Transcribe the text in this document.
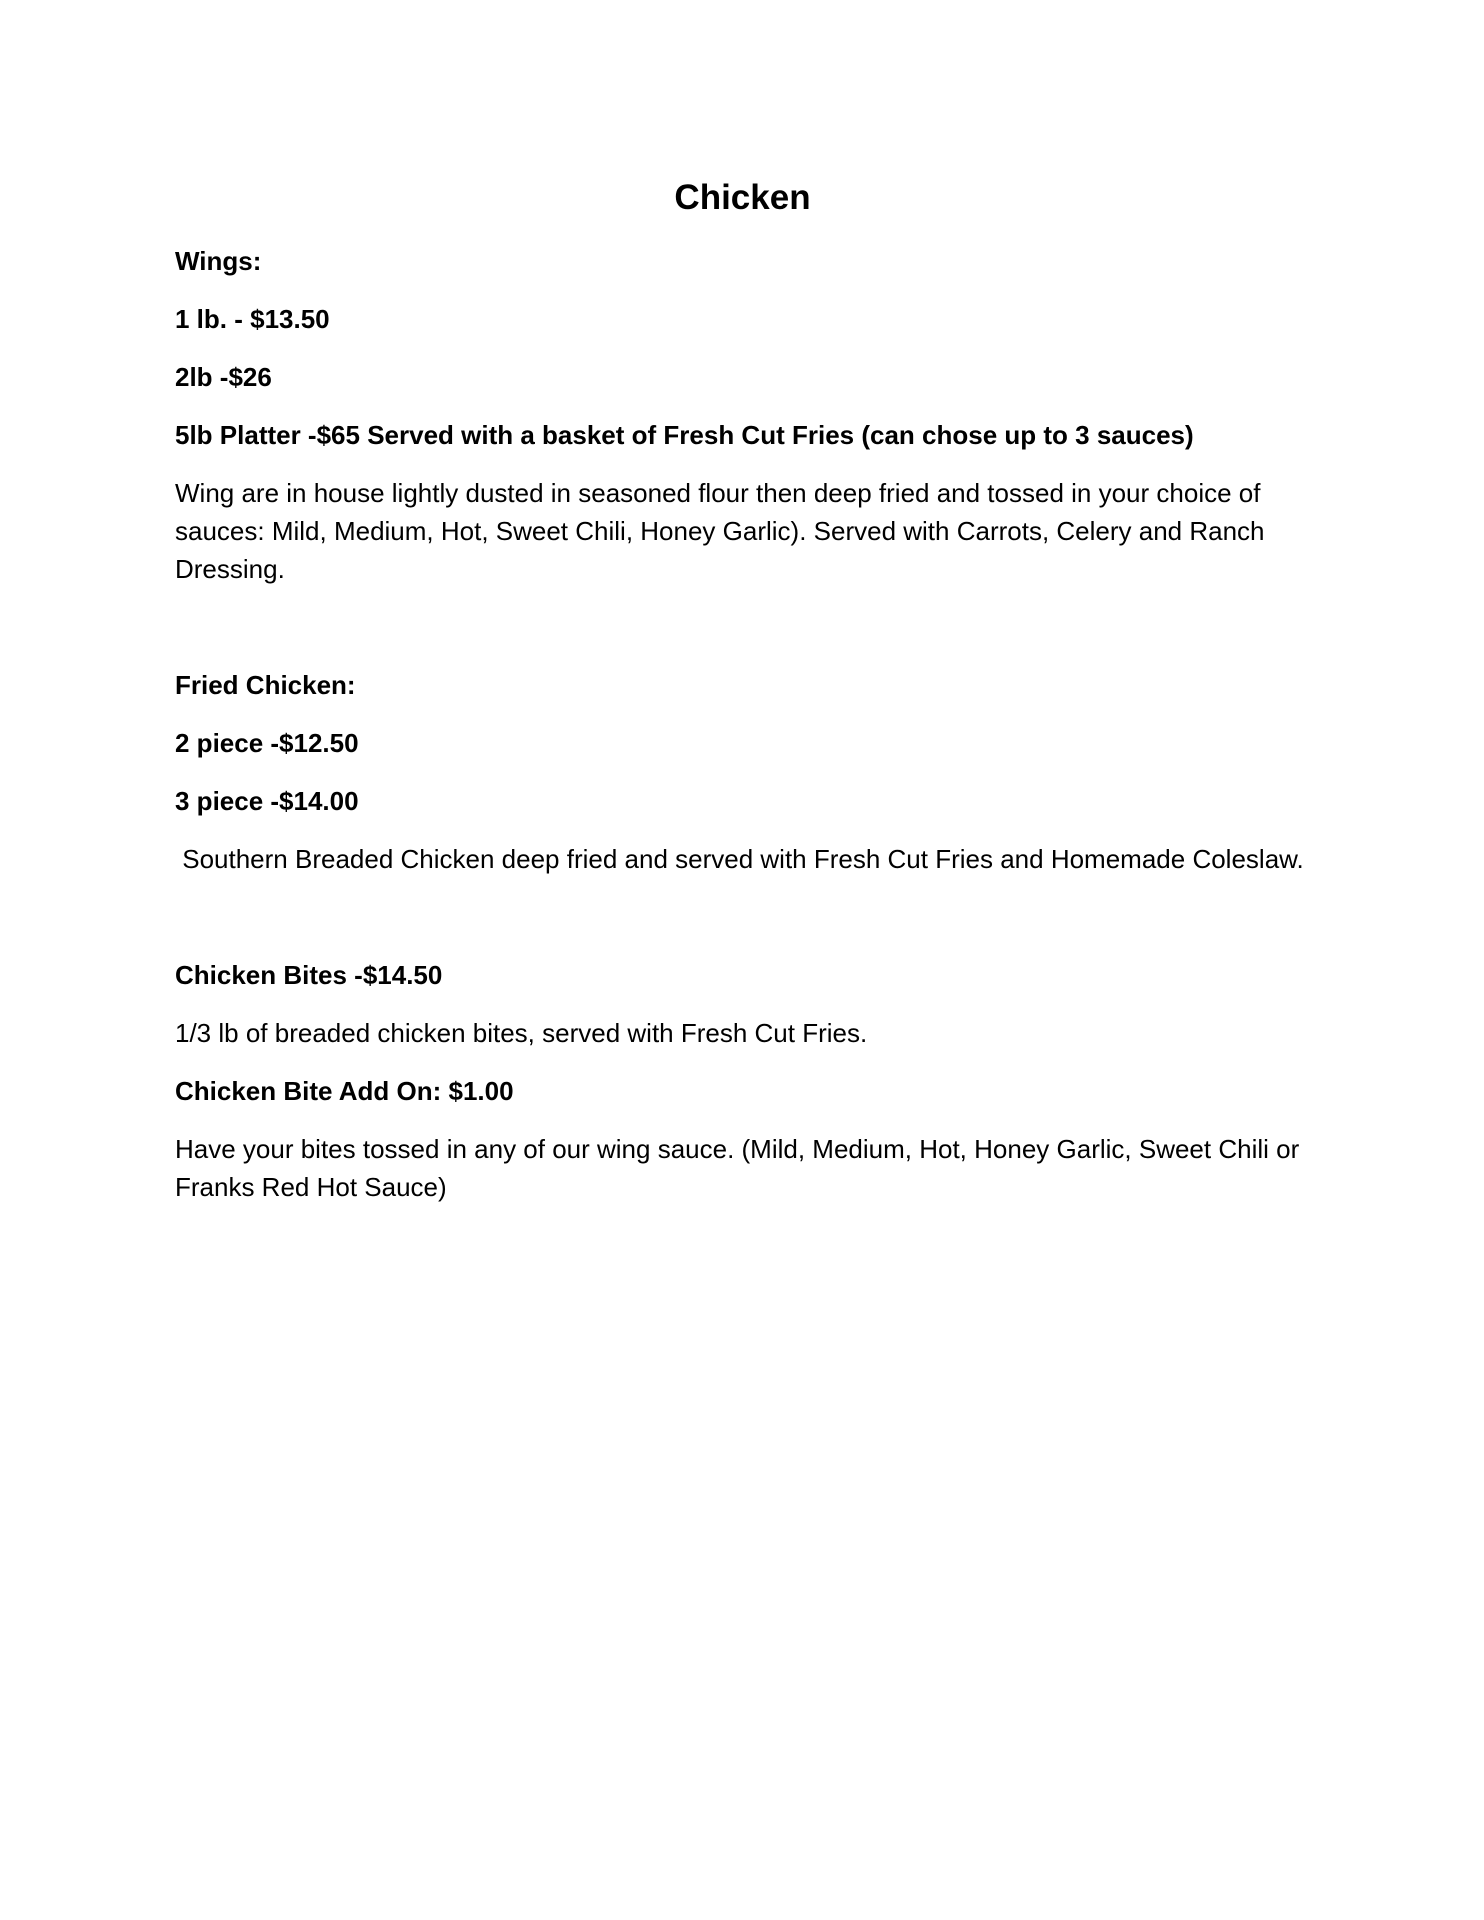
Chicken
Wings:
1 lb. - $13.50
2lb -$26
5lb Platter -$65 Served with a basket of Fresh Cut Fries (can chose up to 3 sauces)
Wing are in house lightly dusted in seasoned flour then deep fried and tossed in your choice of sauces: Mild, Medium, Hot, Sweet Chili, Honey Garlic). Served with Carrots, Celery and Ranch Dressing.
Fried Chicken:
2 piece -$12.50
3 piece -$14.00
Southern Breaded Chicken deep fried and served with Fresh Cut Fries and Homemade Coleslaw.
Chicken Bites -$14.50
1/3 lb of breaded chicken bites, served with Fresh Cut Fries.
Chicken Bite Add On: $1.00
Have your bites tossed in any of our wing sauce. (Mild, Medium, Hot, Honey Garlic, Sweet Chili or Franks Red Hot Sauce)
